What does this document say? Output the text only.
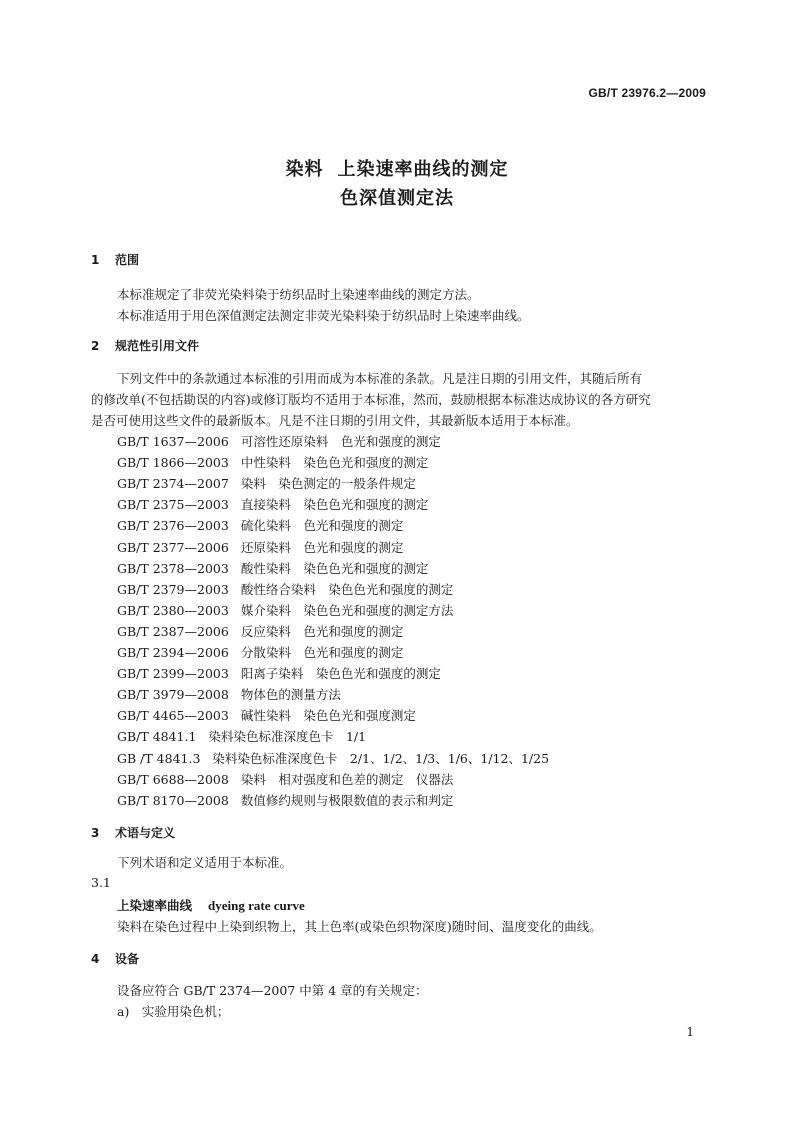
GB/T 23976.2—2009
染料 上染速率曲线的测定
色深值测定法
1 范围
本标准规定了非荧光染料染于纺织品时上染速率曲线的测定方法。
本标准适用于用色深值测定法测定非荧光染料染于纺织品时上染速率曲线。
2 规范性引用文件
下列文件中的条款通过本标准的引用而成为本标准的条款。凡是注日期的引用文件，其随后所有
的修改单(不包括勘误的内容)或修订版均不适用于本标准，然而，鼓励根据本标准达成协议的各方研究
是否可使用这些文件的最新版本。凡是不注日期的引用文件，其最新版本适用于本标准。
GB/T 1637—2006 可溶性还原染料　色光和强度的测定
GB/T 1866—2003 中性染料　染色色光和强度的测定
GB/T 2374—2007 染料　染色测定的一般条件规定
GB/T 2375—2003 直接染料　染色色光和强度的测定
GB/T 2376—2003 硫化染料　色光和强度的测定
GB/T 2377—2006 还原染料　色光和强度的测定
GB/T 2378—2003 酸性染料　染色色光和强度的测定
GB/T 2379—2003 酸性络合染料　染色色光和强度的测定
GB/T 2380—2003 媒介染料　染色色光和强度的测定方法
GB/T 2387—2006 反应染料　色光和强度的测定
GB/T 2394—2006 分散染料　色光和强度的测定
GB/T 2399—2003 阳离子染料　染色色光和强度的测定
GB/T 3979—2008 物体色的测量方法
GB/T 4465—2003 碱性染料　染色色光和强度测定
GB/T 4841.1 染料染色标准深度色卡　1/1
GB /T 4841.3 染料染色标准深度色卡　2/1、1/2、1/3、1/6、1/12、1/25
GB/T 6688—2008 染料　相对强度和色差的测定　仪器法
GB/T 8170—2008 数值修约规则与极限数值的表示和判定
3 术语与定义
下列术语和定义适用于本标准。
3.1
上染速率曲线 dyeing rate curve
染料在染色过程中上染到织物上，其上色率(或染色织物深度)随时间、温度变化的曲线。
4 设备
设备应符合 GB/T 2374—2007 中第 4 章的有关规定：
a)　实验用染色机；
1
